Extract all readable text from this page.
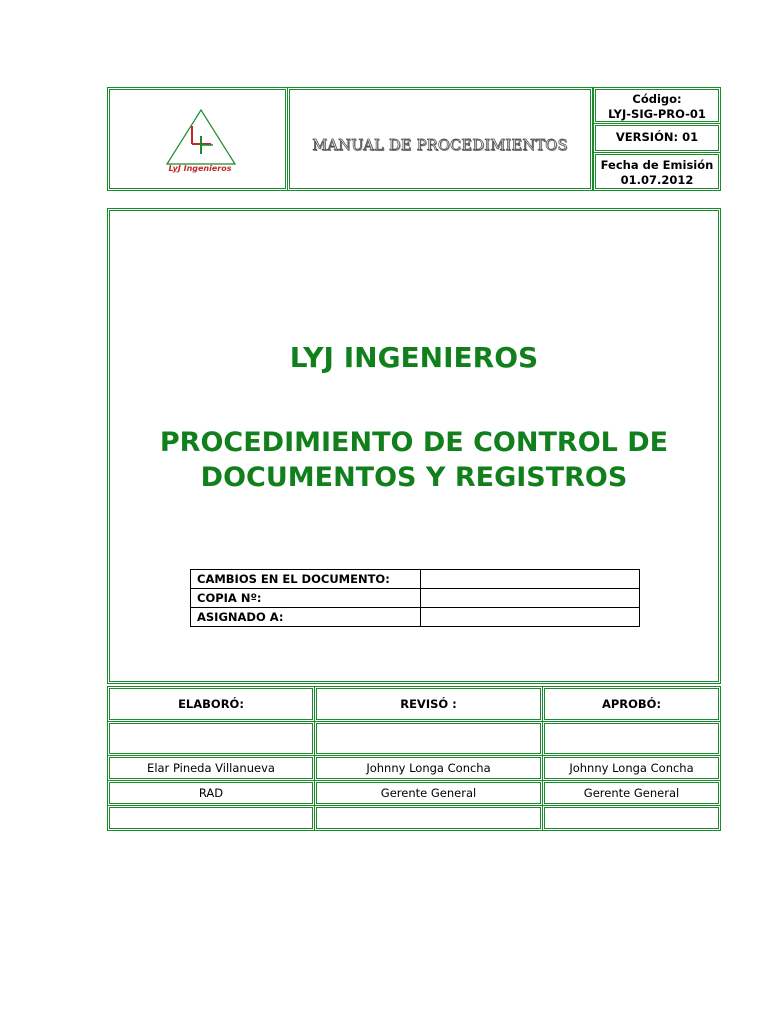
LyJ Ingenieros
MANUAL DE PROCEDIMIENTOS
Código:
LYJ-SIG-PRO-01
VERSIÓN: 01
Fecha de Emisión
01.07.2012
LYJ INGENIEROS
PROCEDIMIENTO DE CONTROL DE
DOCUMENTOS Y REGISTROS
CAMBIOS EN EL DOCUMENTO:	
COPIA Nº:	
ASIGNADO A:	
ELABORÓ:	REVISÓ :	APROBÓ:
Elar Pineda Villanueva	Johnny Longa Concha	Johnny Longa Concha
RAD	Gerente General	Gerente General
